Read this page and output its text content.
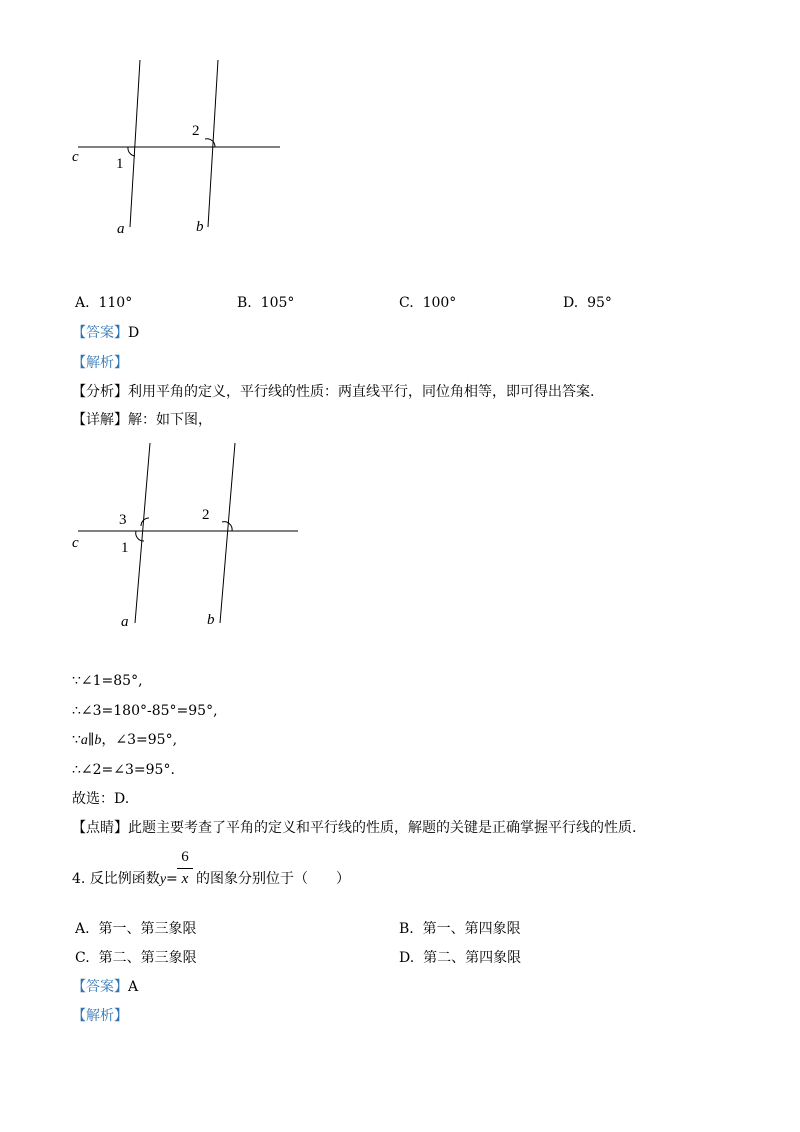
c 1
2
a	b
A. 110°	B. 105°	C. 100°	D. 95°
【答案】D
【解析】
【分析】利用平角的定义，平行线的性质：两直线平行，同位角相等，即可得出答案.
【详解】解：如下图，
c
3
1
2
a	b
∵∠1=85°,
∴∠3=180°-85°=95°,
∵a∥b，∠3=95°,
∴∠2=∠3=95°.
故选：D.
【点睛】此题主要考查了平角的定义和平行线的性质，解题的关键是正确掌握平行线的性质.
4. 反比例函数y=
6
x 的图象分别位于（　　）
A. 第一、第三象限	B. 第一、第四象限
C. 第二、第三象限	D. 第二、第四象限
【答案】A
【解析】
